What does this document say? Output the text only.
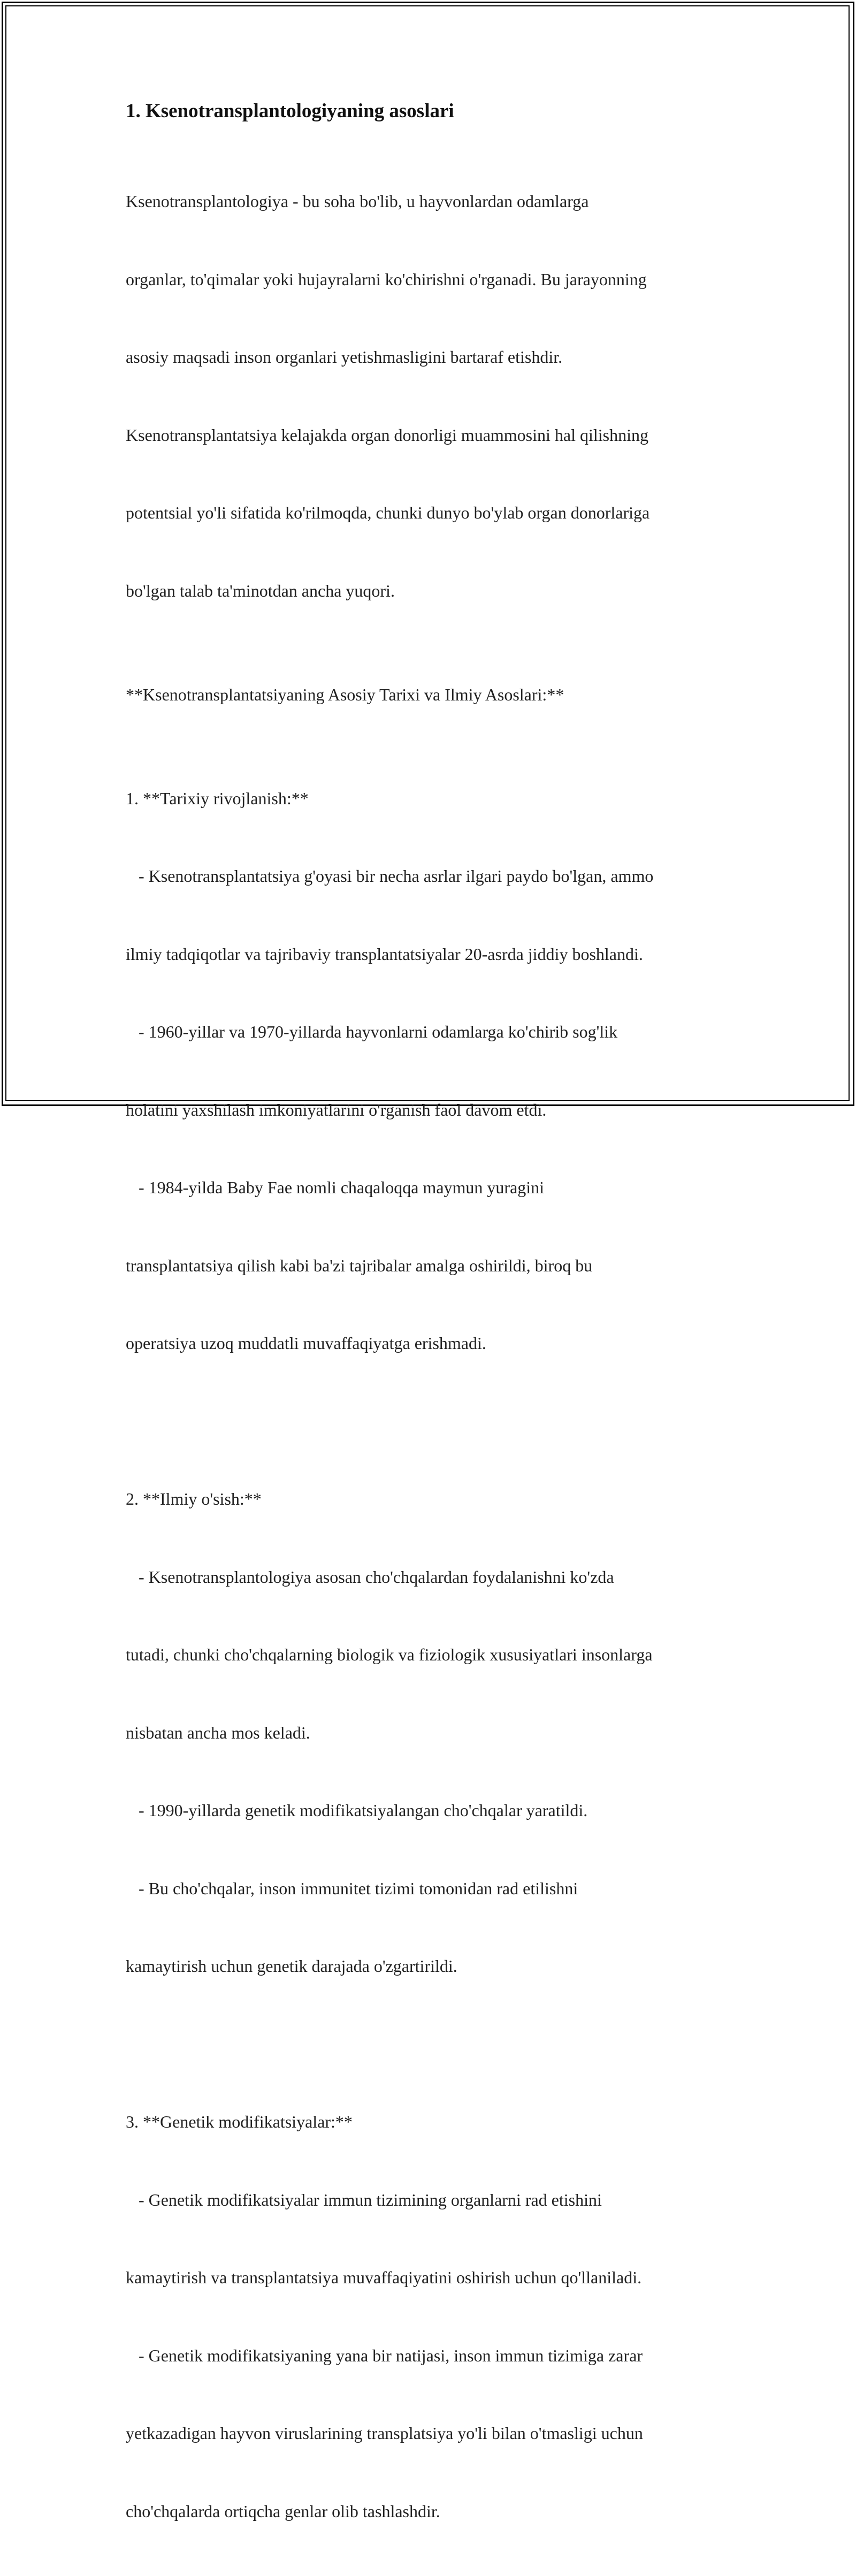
1. Ksenotransplantologiyaning asoslari

Ksenotransplantologiya - bu soha bo'lib, u hayvonlardan odamlarga

organlar, to'qimalar yoki hujayralarni ko'chirishni o'rganadi. Bu jarayonning

asosiy maqsadi inson organlari yetishmasligini bartaraf etishdir.

Ksenotransplantatsiya kelajakda organ donorligi muammosini hal qilishning

potentsial yo'li sifatida ko'rilmoqda, chunki dunyo bo'ylab organ donorlariga

bo'lgan talab ta'minotdan ancha yuqori.

**Ksenotransplantatsiyaning Asosiy Tarixi va Ilmiy Asoslari:**

1. **Tarixiy rivojlanish:**

- Ksenotransplantatsiya g'oyasi bir necha asrlar ilgari paydo bo'lgan, ammo

ilmiy tadqiqotlar va tajribaviy transplantatsiyalar 20-asrda jiddiy boshlandi.

- 1960-yillar va 1970-yillarda hayvonlarni odamlarga ko'chirib sog'lik

holatini yaxshilash imkoniyatlarini o'rganish faol davom etdi.

- 1984-yilda Baby Fae nomli chaqaloqqa maymun yuragini

transplantatsiya qilish kabi ba'zi tajribalar amalga oshirildi, biroq bu

operatsiya uzoq muddatli muvaffaqiyatga erishmadi.

2. **Ilmiy o'sish:**

- Ksenotransplantologiya asosan cho'chqalardan foydalanishni ko'zda

tutadi, chunki cho'chqalarning biologik va fiziologik xususiyatlari insonlarga

nisbatan ancha mos keladi.

- 1990-yillarda genetik modifikatsiyalangan cho'chqalar yaratildi.

- Bu cho'chqalar, inson immunitet tizimi tomonidan rad etilishni

kamaytirish uchun genetik darajada o'zgartirildi.

3. **Genetik modifikatsiyalar:**

- Genetik modifikatsiyalar immun tizimining organlarni rad etishini

kamaytirish va transplantatsiya muvaffaqiyatini oshirish uchun qo'llaniladi.

- Genetik modifikatsiyaning yana bir natijasi, inson immun tizimiga zarar

yetkazadigan hayvon viruslarining transplatsiya yo'li bilan o'tmasligi uchun

cho'chqalarda ortiqcha genlar olib tashlashdir.
